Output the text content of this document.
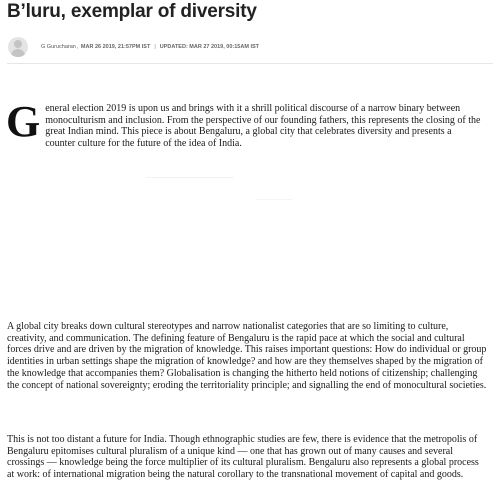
B’luru, exemplar of diversity
G Gurucharan , MAR 26 2019, 21:57PM IST | UPDATED: MAR 27 2019, 00:15AM IST
General election 2019 is upon us and brings with it a shrill political discourse of a narrow binary between monoculturism and inclusion. From the perspective of our founding fathers, this represents the closing of the great Indian mind. This piece is about Bengaluru, a global city that celebrates diversity and presents a counter culture for the future of the idea of India.

A global city breaks down cultural stereotypes and narrow nationalist categories that are so limiting to culture, creativity, and communication. The defining feature of Bengaluru is the rapid pace at which the social and cultural forces drive and are driven by the migration of knowledge. This raises important questions: How do individual or group identities in urban settings shape the migration of knowledge? and how are they themselves shaped by the migration of the knowledge that accompanies them? Globalisation is changing the hitherto held notions of citizenship; challenging the concept of national sovereignty; eroding the territoriality principle; and signalling the end of monocultural societies.

This is not too distant a future for India. Though ethnographic studies are few, there is evidence that the metropolis of Bengaluru epitomises cultural pluralism of a unique kind — one that has grown out of many causes and several crossings — knowledge being the force multiplier of its cultural pluralism. Bengaluru also represents a global process at work: of international migration being the natural corollary to the transnational movement of capital and goods.
